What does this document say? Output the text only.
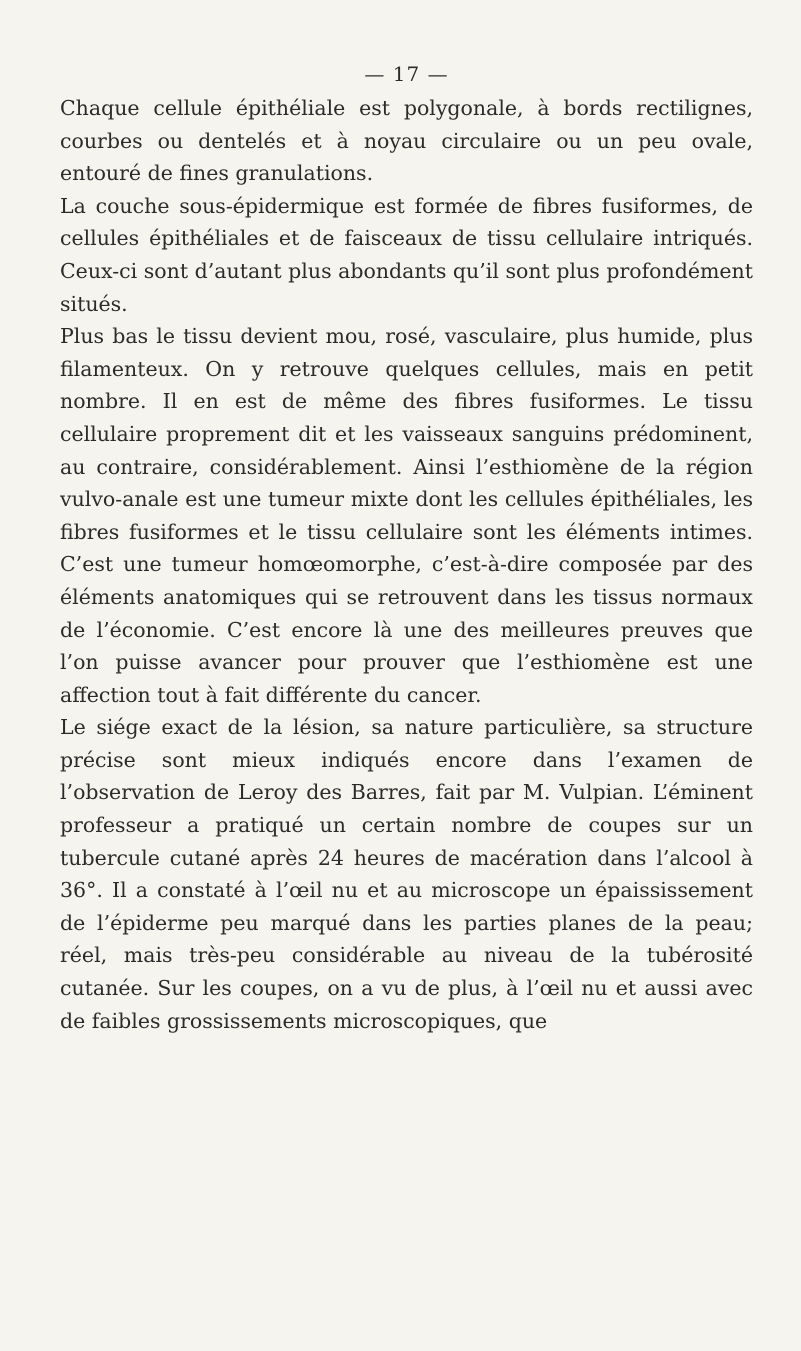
— 17 —

Chaque cellule épithéliale est polygonale, à bords rectilignes, courbes ou dentelés et à noyau circulaire ou un peu ovale, entouré de fines granulations.

La couche sous-épidermique est formée de fibres fusiformes, de cellules épithéliales et de faisceaux de tissu cellulaire intriqués. Ceux-ci sont d’autant plus abondants qu’il sont plus profondément situés.

Plus bas le tissu devient mou, rosé, vasculaire, plus humide, plus filamenteux. On y retrouve quelques cellules, mais en petit nombre. Il en est de même des fibres fusiformes. Le tissu cellulaire proprement dit et les vaisseaux sanguins prédominent, au contraire, considérablement. Ainsi l’esthiomène de la région vulvo-anale est une tumeur mixte dont les cellules épithéliales, les fibres fusiformes et le tissu cellulaire sont les éléments intimes. C’est une tumeur homœomorphe, c’est-à-dire composée par des éléments anatomiques qui se retrouvent dans les tissus normaux de l’économie. C’est encore là une des meilleures preuves que l’on puisse avancer pour prouver que l’esthiomène est une affection tout à fait différente du cancer.

Le siége exact de la lésion, sa nature particulière, sa structure précise sont mieux indiqués encore dans l’examen de l’observation de Leroy des Barres, fait par M. Vulpian. L’éminent professeur a pratiqué un certain nombre de coupes sur un tubercule cutané après 24 heures de macération dans l’alcool à 36°. Il a constaté à l’œil nu et au microscope un épaississement de l’épiderme peu marqué dans les parties planes de la peau; réel, mais très-peu considérable au niveau de la tubérosité cutanée. Sur les coupes, on a vu de plus, à l’œil nu et aussi avec de faibles grossissements microscopiques, que
